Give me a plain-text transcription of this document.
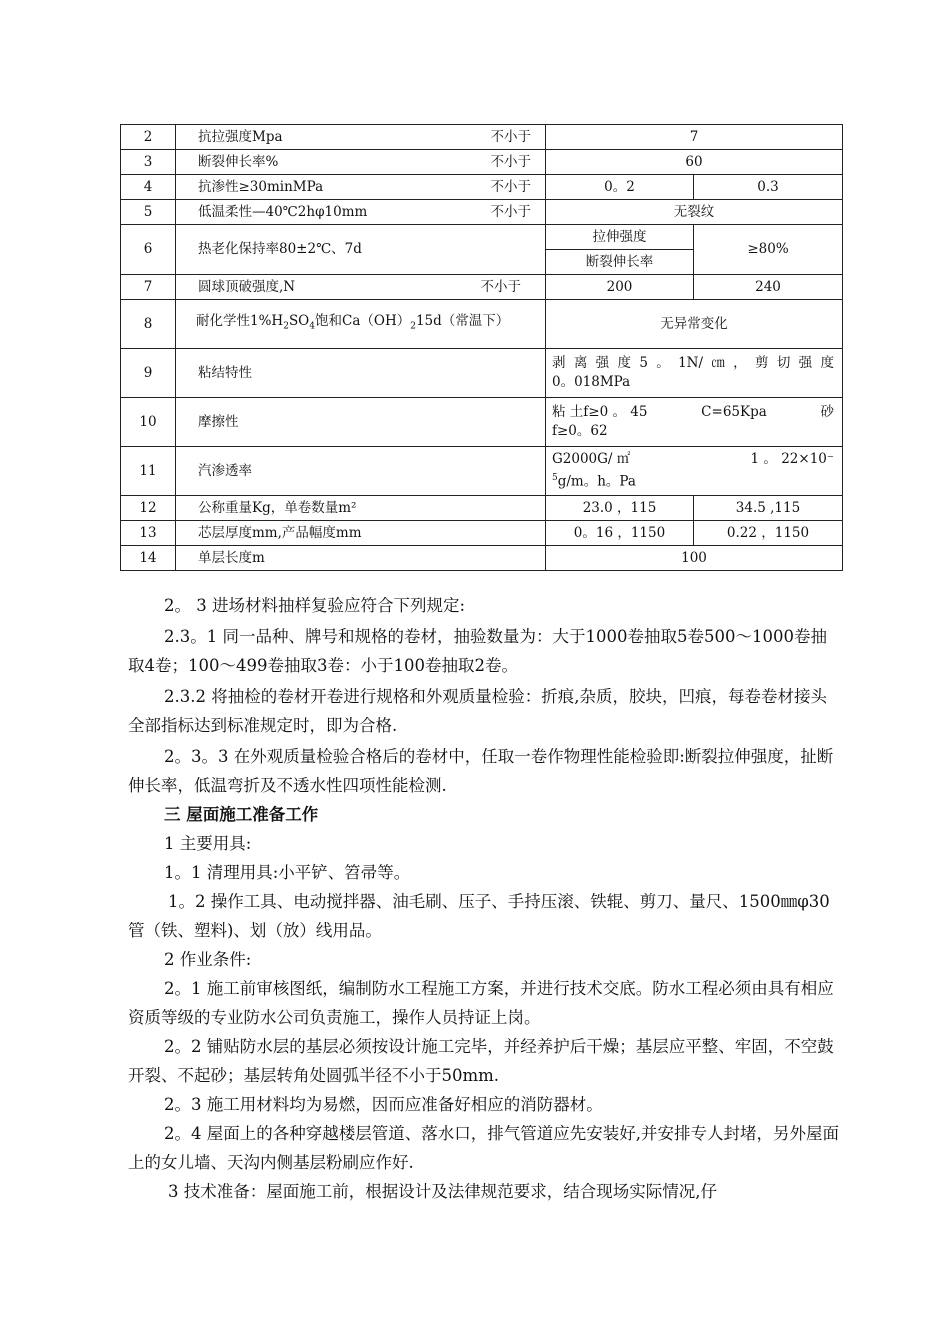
2	抗拉强度Mpa 不小于	7	
3	断裂伸长率% 不小于	60	
4	抗渗性≥30minMPa 不小于	0。2	0.3
5	低温柔性—40℃2hφ10mm 不小于	无裂纹	
6	热老化保持率80±2℃、7d	拉伸强度	≥80%
		断裂伸长率	
7	圆球顶破强度,N 不小于	200	240
8	耐化学性$1\%H_2SO_4$饱和$Ca(OH)_215d$（常温下）	无异常变化	
9	粘结特性	剥离强度5。1N/㎝，剪切强度
0。018MPa	

10	摩擦性	粘 土f≥0 。 45 C=65Kpa 砂
f≥0。62	

11	汽渗透率	G2000G/ ㎡ 1 。 22×10⁻
$^5$g/m。h。Pa	

12	公称重量Kg，单卷数量m²	23.0 ，115	34.5 ,115
13	芯层厚度mm,产品幅度mm	0。16 ，1150	0.22 ，1150
14	单层长度m	100	

2。 3 进场材料抽样复验应符合下列规定:

2.3。1 同一品种、牌号和规格的卷材，抽验数量为：大于1000卷抽取5卷500～1000卷抽取4卷；100～499卷抽取3卷：小于100卷抽取2卷。

2.3.2 将抽检的卷材开卷进行规格和外观质量检验：折痕,杂质，胶块，凹痕，每卷卷材接头全部指标达到标准规定时，即为合格.

2。3。3 在外观质量检验合格后的卷材中，任取一卷作物理性能检验即:断裂拉伸强度，扯断伸长率，低温弯折及不透水性四项性能检测.

三 屋面施工准备工作

1 主要用具:

1。1 清理用具:小平铲、笤帚等。

1。2 操作工具、电动搅拌器、油毛刷、压子、手持压滚、铁辊、剪刀、量尺、1500㎜φ30管（铁、塑料)、划（放）线用品。

2 作业条件:

2。1 施工前审核图纸，编制防水工程施工方案，并进行技术交底。防水工程必须由具有相应资质等级的专业防水公司负责施工，操作人员持证上岗。

2。2 铺贴防水层的基层必须按设计施工完毕，并经养护后干燥；基层应平整、牢固，不空鼓开裂、不起砂；基层转角处圆弧半径不小于50mm.

2。3 施工用材料均为易燃，因而应准备好相应的消防器材。

2。4 屋面上的各种穿越楼层管道、落水口，排气管道应先安装好,并安排专人封堵，另外屋面上的女儿墙、天沟内侧基层粉刷应作好.

3 技术准备：屋面施工前，根据设计及法律规范要求，结合现场实际情况,仔
